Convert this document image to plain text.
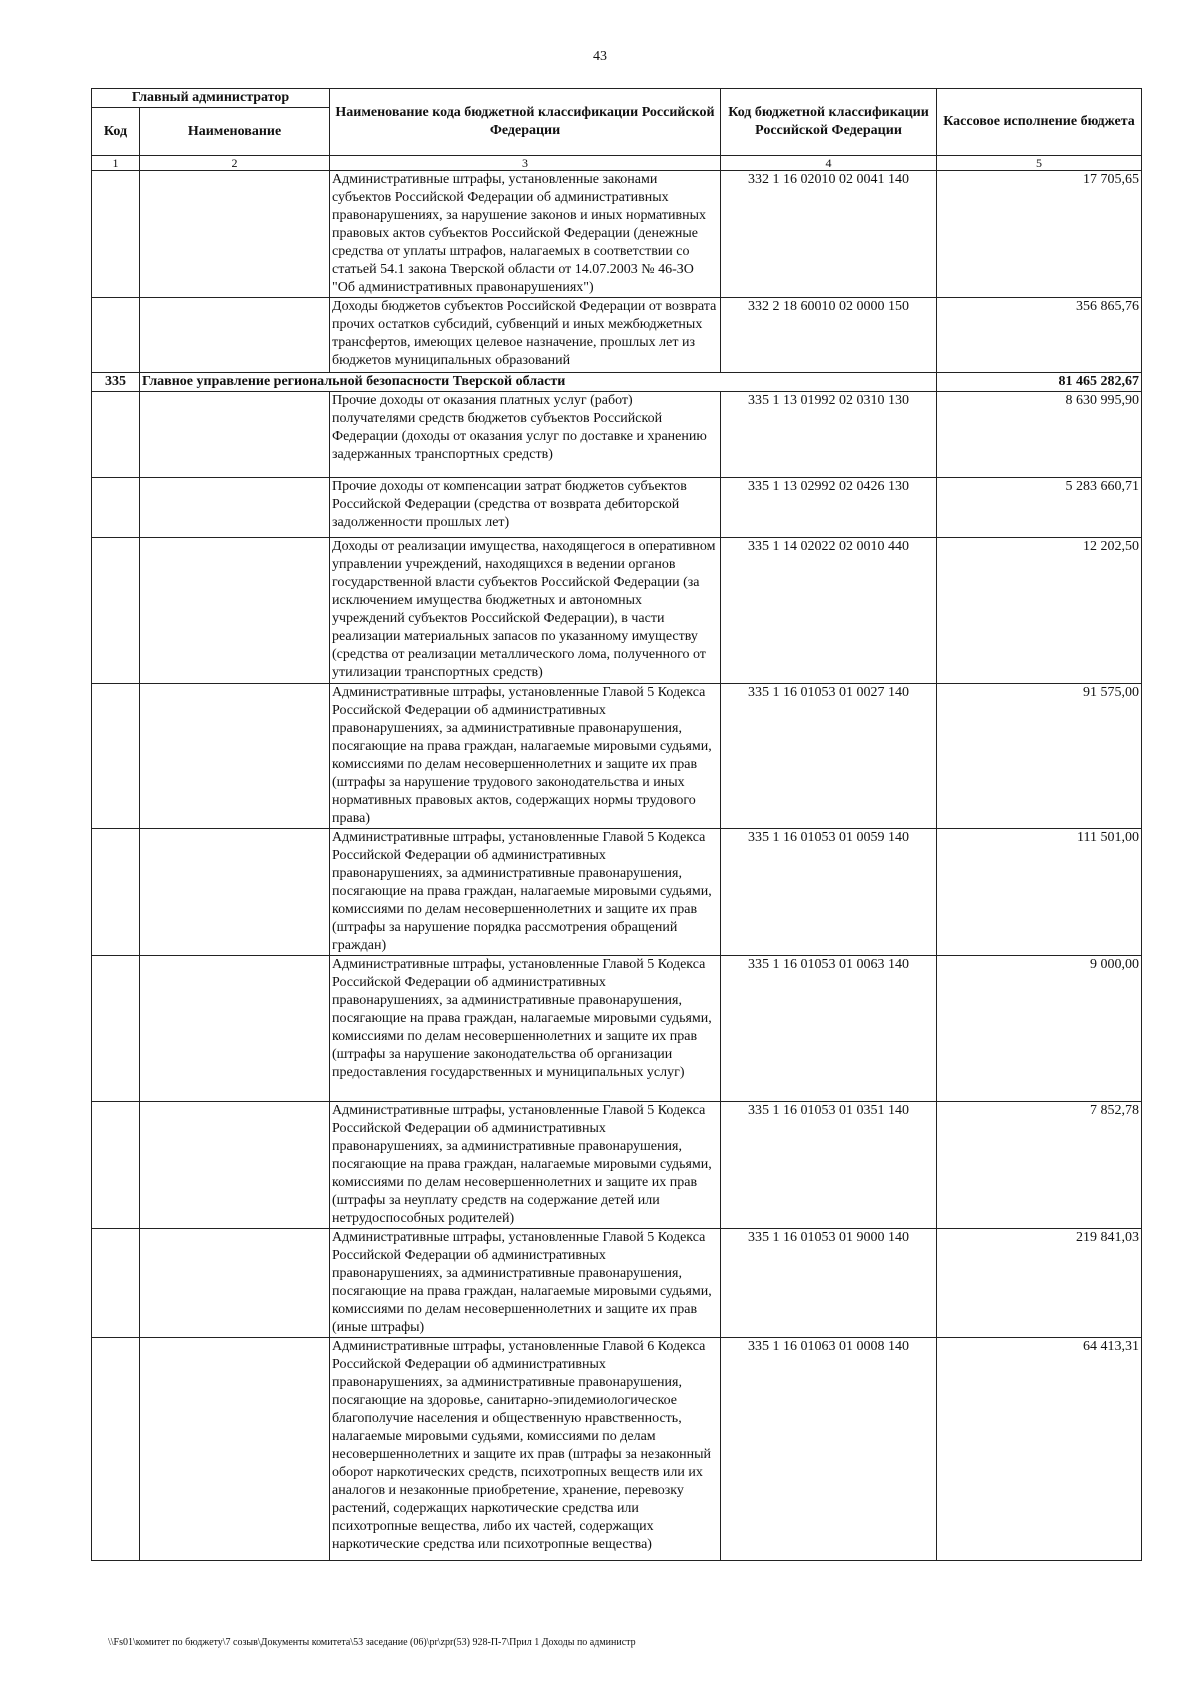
43
Главный администратор		Наименование кода бюджетной классификации Российской Федерации	Код бюджетной классификации Российской Федерации	Кассовое исполнение бюджета
Код	Наименование			
1	2	3	4	5
		Административные штрафы, установленные законами субъектов Российской Федерации об административных правонарушениях, за нарушение законов и иных нормативных правовых актов субъектов Российской Федерации (денежные средства от уплаты штрафов, налагаемых в соответствии со статьей 54.1 закона Тверской области от 14.07.2003 № 46-ЗО "Об административных правонарушениях")	332 1 16 02010 02 0041 140	17 705,65
		Доходы бюджетов субъектов Российской Федерации от возврата прочих остатков субсидий, субвенций и иных межбюджетных трансфертов, имеющих целевое назначение, прошлых лет из бюджетов муниципальных образований	332 2 18 60010 02 0000 150	356 865,76
335	Главное управление региональной безопасности Тверской области			81 465 282,67
		Прочие доходы от оказания платных услуг (работ) получателями средств бюджетов субъектов Российской Федерации (доходы от оказания услуг по доставке и хранению задержанных транспортных средств)	335 1 13 01992 02 0310 130	8 630 995,90
		Прочие доходы от компенсации затрат бюджетов субъектов Российской Федерации (средства от возврата дебиторской задолженности прошлых лет)	335 1 13 02992 02 0426 130	5 283 660,71
		Доходы от реализации имущества, находящегося в оперативном управлении учреждений, находящихся в ведении органов государственной власти субъектов Российской Федерации (за исключением имущества бюджетных и автономных учреждений субъектов Российской Федерации), в части реализации материальных запасов по указанному имуществу (средства от реализации металлического лома, полученного от утилизации транспортных средств)	335 1 14 02022 02 0010 440	12 202,50
		Административные штрафы, установленные Главой 5 Кодекса Российской Федерации об административных правонарушениях, за административные правонарушения, посягающие на права граждан, налагаемые мировыми судьями, комиссиями по делам несовершеннолетних и защите их прав (штрафы за нарушение трудового законодательства и иных нормативных правовых актов, содержащих нормы трудового права)	335 1 16 01053 01 0027 140	91 575,00
		Административные штрафы, установленные Главой 5 Кодекса Российской Федерации об административных правонарушениях, за административные правонарушения, посягающие на права граждан, налагаемые мировыми судьями, комиссиями по делам несовершеннолетних и защите их прав (штрафы за нарушение порядка рассмотрения обращений граждан)	335 1 16 01053 01 0059 140	111 501,00
		Административные штрафы, установленные Главой 5 Кодекса Российской Федерации об административных правонарушениях, за административные правонарушения, посягающие на права граждан, налагаемые мировыми судьями, комиссиями по делам несовершеннолетних и защите их прав (штрафы за нарушение законодательства об организации предоставления государственных и муниципальных услуг)	335 1 16 01053 01 0063 140	9 000,00
		Административные штрафы, установленные Главой 5 Кодекса Российской Федерации об административных правонарушениях, за административные правонарушения, посягающие на права граждан, налагаемые мировыми судьями, комиссиями по делам несовершеннолетних и защите их прав (штрафы за неуплату средств на содержание детей или нетрудоспособных родителей)	335 1 16 01053 01 0351 140	7 852,78
		Административные штрафы, установленные Главой 5 Кодекса Российской Федерации об административных правонарушениях, за административные правонарушения, посягающие на права граждан, налагаемые мировыми судьями, комиссиями по делам несовершеннолетних и защите их прав (иные штрафы)	335 1 16 01053 01 9000 140	219 841,03
		Административные штрафы, установленные Главой 6 Кодекса Российской Федерации об административных правонарушениях, за административные правонарушения, посягающие на здоровье, санитарно-эпидемиологическое благополучие населения и общественную нравственность, налагаемые мировыми судьями, комиссиями по делам несовершеннолетних и защите их прав (штрафы за незаконный оборот наркотических средств, психотропных веществ или их аналогов и незаконные приобретение, хранение, перевозку растений, содержащих наркотические средства или психотропные вещества, либо их частей, содержащих наркотические средства или психотропные вещества)	335 1 16 01063 01 0008 140	64 413,31
\\Fs01\комитет по бюджету\7 созыв\Документы комитета\53 заседание (06)\pr\zpr(53) 928-П-7\Прил 1 Доходы по администр
